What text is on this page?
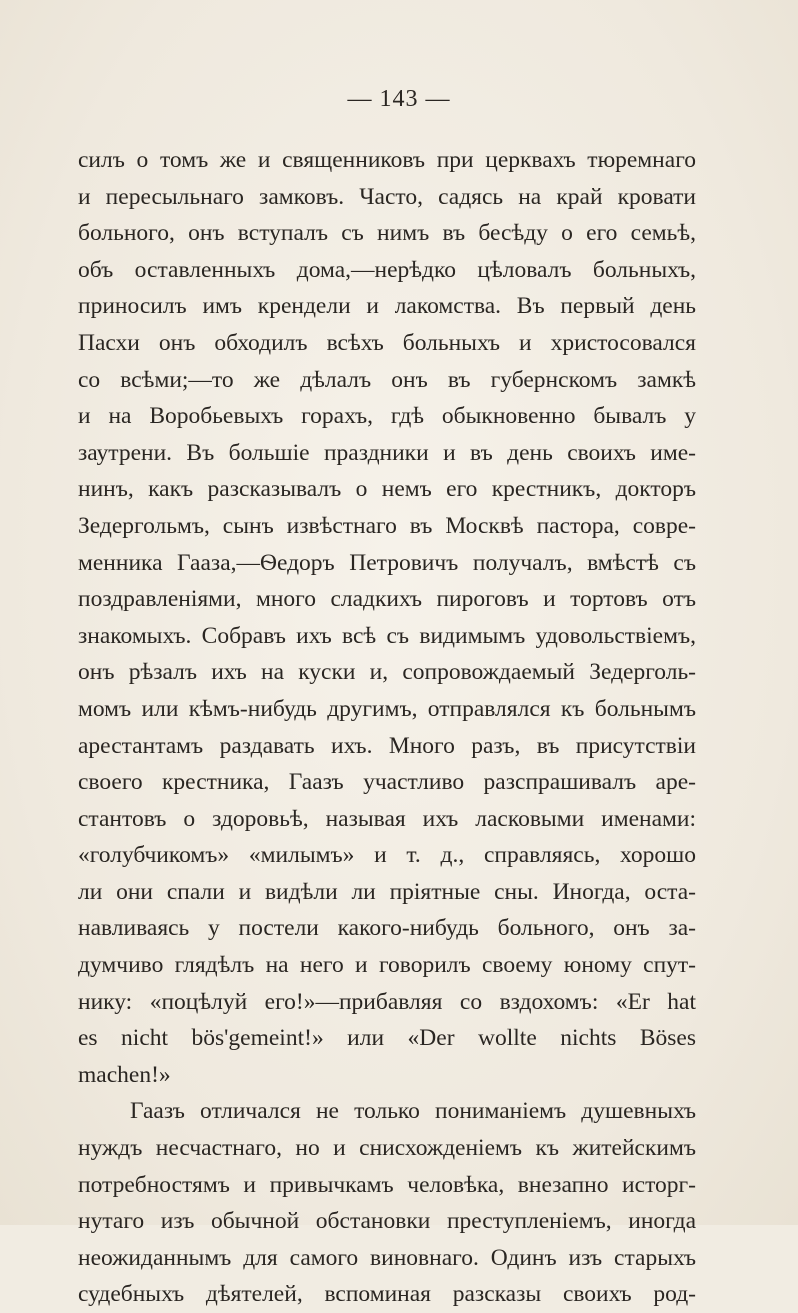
— 143 —
силъ о томъ же и священниковъ при церквахъ тюремнаго
и пересыльнаго замковъ. Часто, садясь на край кровати
больного, онъ вступалъ съ нимъ въ бесѣду о его семьѣ,
объ оставленныхъ дома,—нерѣдко цѣловалъ больныхъ,
приносилъ имъ крендели и лакомства. Въ первый день
Пасхи онъ обходилъ всѣхъ больныхъ и христосовался
со всѣми;—то же дѣлалъ онъ въ губернскомъ замкѣ
и на Воробьевыхъ горахъ, гдѣ обыкновенно бывалъ у
заутрени. Въ большіе праздники и въ день своихъ име-
нинъ, какъ разсказывалъ о немъ его крестникъ, докторъ
Зедергольмъ, сынъ извѣстнаго въ Москвѣ пастора, совре-
менника Гааза,—Ѳедоръ Петровичъ получалъ, вмѣстѣ съ
поздравленіями, много сладкихъ пироговъ и тортовъ отъ
знакомыхъ. Собравъ ихъ всѣ съ видимымъ удовольствіемъ,
онъ рѣзалъ ихъ на куски и, сопровождаемый Зедерголь-
момъ или кѣмъ-нибудь другимъ, отправлялся къ больнымъ
арестантамъ раздавать ихъ. Много разъ, въ присутствіи
своего крестника, Гаазъ участливо разспрашивалъ аре-
стантовъ о здоровьѣ, называя ихъ ласковыми именами:
«голубчикомъ» «милымъ» и т. д., справляясь, хорошо
ли они спали и видѣли ли пріятные сны. Иногда, оста-
навливаясь у постели какого-нибудь больного, онъ за-
думчиво глядѣлъ на него и говорилъ своему юному спут-
нику: «поцѣлуй его!»—прибавляя со вздохомъ: «Er hat
es nicht bös'gemeint!» или «Der wollte nichts Böses
machen!»
Гаазъ отличался не только пониманіемъ душевныхъ
нуждъ несчастнаго, но и снисхожденіемъ къ житейскимъ
потребностямъ и привычкамъ человѣка, внезапно исторг-
нутаго изъ обычной обстановки преступленіемъ, иногда
неожиданнымъ для самого виновнаго. Одинъ изъ старыхъ
судебныхъ дѣятелей, вспоминая разсказы своихъ род-
